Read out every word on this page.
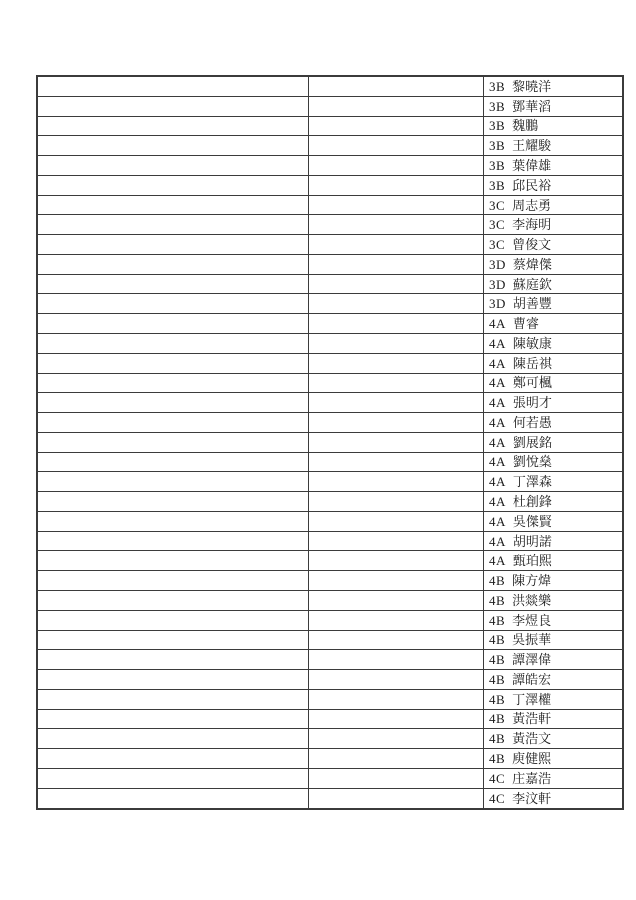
		3B 黎曉洋

		3B 鄧華滔

		3B 魏鵬

		3B 王耀駿

		3B 葉偉雄

		3B 邱民裕

		3C 周志勇

		3C 李海明

		3C 曾俊文

		3D 蔡煒傑

		3D 蘇庭欽

		3D 胡善豐

		4A 曹睿

		4A 陳敏康

		4A 陳岳祺

		4A 鄭可楓

		4A 張明才

		4A 何若愚

		4A 劉展銘

		4A 劉悅燊

		4A 丁澤森

		4A 杜創鋒

		4A 吳傑賢

		4A 胡明諾

		4A 甄珀熙

		4B 陳方煒

		4B 洪燚樂

		4B 李煜良

		4B 吳振華

		4B 譚澤偉

		4B 譚皓宏

		4B 丁澤權

		4B 黃浩軒

		4B 黃浩文

		4B 庾健熙

		4C 庄嘉浩

		4C 李汶軒
